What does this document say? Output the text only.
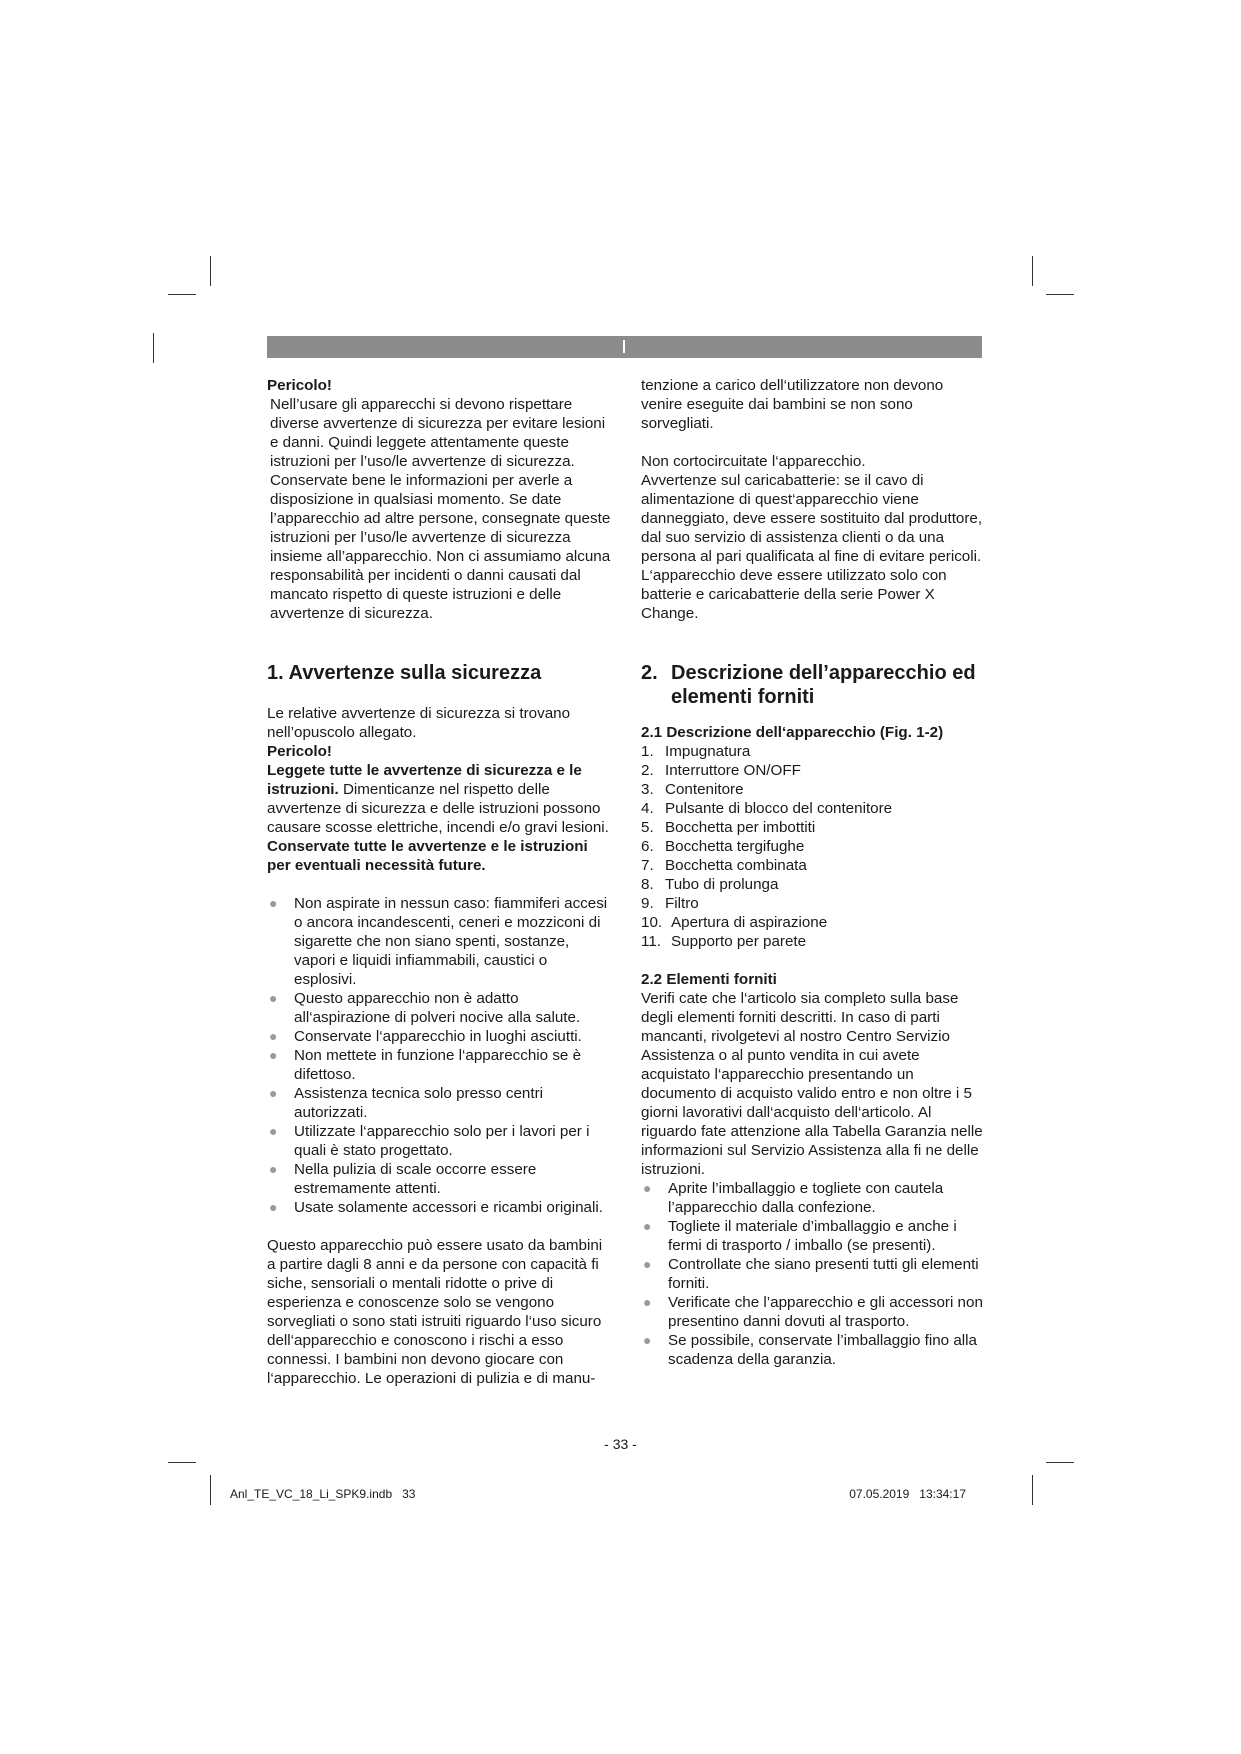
Pericolo!

Nell’usare gli apparecchi si devono rispettare diverse avvertenze di sicurezza per evitare lesioni e danni. Quindi leggete attentamente queste istruzioni per l’uso/le avvertenze di sicurezza. Conservate bene le informazioni per averle a disposizione in qualsiasi momento. Se date l’apparecchio ad altre persone, consegnate queste istruzioni per l’uso/le avvertenze di sicurezza insieme all’apparecchio. Non ci assumiamo alcuna responsabilità per incidenti o danni causati dal mancato rispetto di queste istruzioni e delle avvertenze di sicurezza.

1. Avvertenze sulla sicurezza

Le relative avvertenze di sicurezza si trovano nell’opuscolo allegato.

Pericolo!

Leggete tutte le avvertenze di sicurezza e le istruzioni. Dimenticanze nel rispetto delle avvertenze di sicurezza e delle istruzioni possono causare scosse elettriche, incendi e/o gravi lesioni.

Conservate tutte le avvertenze e le istruzioni per eventuali necessità future.

● Non aspirate in nessun caso: fiammiferi accesi o ancora incandescenti, ceneri e mozziconi di sigarette che non siano spenti, sostanze, vapori e liquidi infiammabili, caustici o esplosivi.
● Questo apparecchio non è adatto all‘aspirazione di polveri nocive alla salute.
● Conservate l‘apparecchio in luoghi asciutti.
● Non mettete in funzione l‘apparecchio se è difettoso.
● Assistenza tecnica solo presso centri autorizzati.
● Utilizzate l‘apparecchio solo per i lavori per i quali è stato progettato.
● Nella pulizia di scale occorre essere estremamente attenti.
● Usate solamente accessori e ricambi originali.

Questo apparecchio può essere usato da bambini a partire dagli 8 anni e da persone con capacità fi siche, sensoriali o mentali ridotte o prive di esperienza e conoscenze solo se vengono sorvegliati o sono stati istruiti riguardo l‘uso sicuro dell‘apparecchio e conoscono i rischi a esso connessi. I bambini non devono giocare con l‘apparecchio. Le operazioni di pulizia e di manu-

tenzione a carico dell‘utilizzatore non devono venire eseguite dai bambini se non sono sorvegliati.

Non cortocircuitate l‘apparecchio.

Avvertenze sul caricabatterie: se il cavo di alimentazione di quest‘apparecchio viene danneggiato, deve essere sostituito dal produttore, dal suo servizio di assistenza clienti o da una persona al pari qualificata al fine di evitare pericoli. L‘apparecchio deve essere utilizzato solo con batterie e caricabatterie della serie Power X Change.

2. Descrizione dell’apparecchio ed
elementi forniti
2.1 Descrizione dell‘apparecchio (Fig. 1-2)
1. Impugnatura
2. Interruttore ON/OFF
3. Contenitore
4. Pulsante di blocco del contenitore
5. Bocchetta per imbottiti
6. Bocchetta tergifughe
7. Bocchetta combinata
8. Tubo di prolunga
9. Filtro
10. Apertura di aspirazione
11. Supporto per parete
2.2 Elementi forniti

Verifi cate che l‘articolo sia completo sulla base degli elementi forniti descritti. In caso di parti mancanti, rivolgetevi al nostro Centro Servizio Assistenza o al punto vendita in cui avete acquistato l‘apparecchio presentando un documento di acquisto valido entro e non oltre i 5 giorni lavorativi dall‘acquisto dell‘articolo. Al riguardo fate attenzione alla Tabella Garanzia nelle informazioni sul Servizio Assistenza alla fi ne delle istruzioni.

● Aprite l’imballaggio e togliete con cautela l’apparecchio dalla confezione.
● Togliete il materiale d’imballaggio e anche i fermi di trasporto / imballo (se presenti).
● Controllate che siano presenti tutti gli elementi forniti.
● Verificate che l’apparecchio e gli accessori non presentino danni dovuti al trasporto.
● Se possibile, conservate l’imballaggio fino alla scadenza della garanzia.
- 33 -
Anl_TE_VC_18_Li_SPK9.indb   33	07.05.2019   13:34:17
